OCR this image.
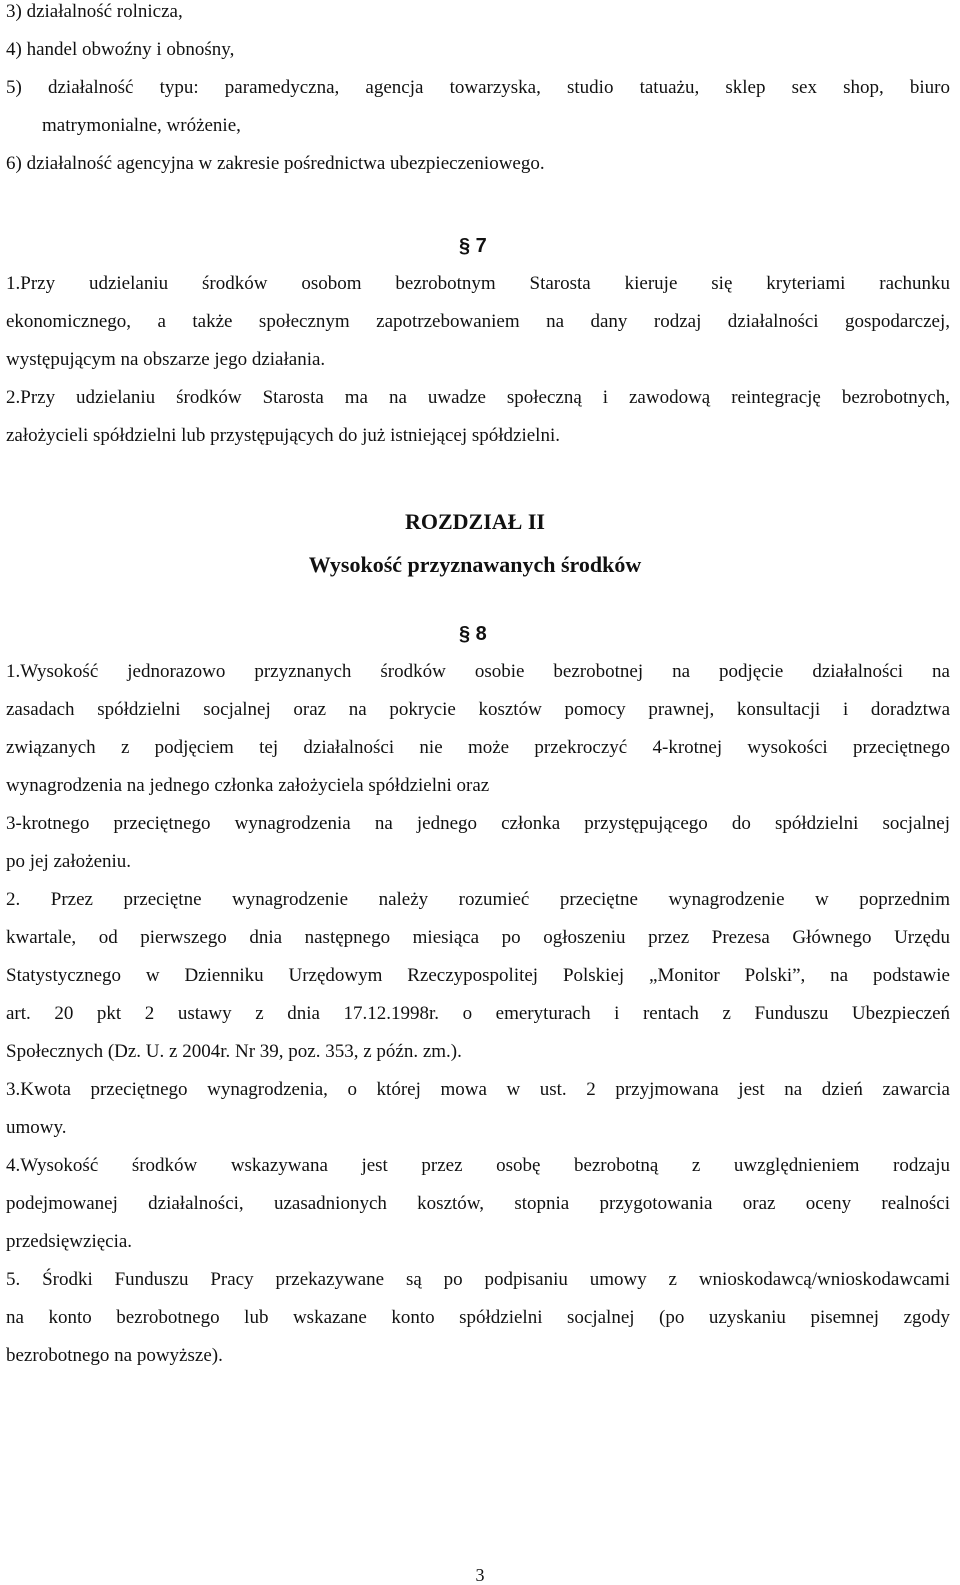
3) działalność rolnicza,
4) handel obwoźny i obnośny,
5) działalność typu: paramedyczna, agencja towarzyska, studio tatuażu, sklep sex shop, biuro
matrymonialne, wróżenie,
6) działalność agencyjna w zakresie pośrednictwa ubezpieczeniowego.
§ 7
1.Przy udzielaniu środków osobom bezrobotnym Starosta kieruje się kryteriami rachunku
ekonomicznego, a także społecznym zapotrzebowaniem na dany rodzaj działalności gospodarczej,
występującym na obszarze jego działania.
2.Przy udzielaniu środków Starosta ma na uwadze społeczną i zawodową reintegrację bezrobotnych,
założycieli spółdzielni lub przystępujących do już istniejącej spółdzielni.
ROZDZIAŁ II
Wysokość przyznawanych środków
§ 8
1.Wysokość jednorazowo przyznanych środków osobie bezrobotnej na podjęcie działalności na
zasadach spółdzielni socjalnej oraz na pokrycie kosztów pomocy prawnej, konsultacji i doradztwa
związanych z podjęciem tej działalności nie może przekroczyć 4-krotnej wysokości przeciętnego
wynagrodzenia na jednego członka założyciela spółdzielni oraz
3-krotnego przeciętnego wynagrodzenia na jednego członka przystępującego do spółdzielni socjalnej
po jej założeniu.
2. Przez przeciętne wynagrodzenie należy rozumieć przeciętne wynagrodzenie w poprzednim
kwartale, od pierwszego dnia następnego miesiąca po ogłoszeniu przez Prezesa Głównego Urzędu
Statystycznego w Dzienniku Urzędowym Rzeczypospolitej Polskiej „Monitor Polski”, na podstawie
art. 20 pkt 2 ustawy z dnia 17.12.1998r. o emeryturach i rentach z Funduszu Ubezpieczeń
Społecznych (Dz. U. z 2004r. Nr 39, poz. 353, z późn. zm.).
3.Kwota przeciętnego wynagrodzenia, o której mowa w ust. 2 przyjmowana jest na dzień zawarcia
umowy.
4.Wysokość środków wskazywana jest przez osobę bezrobotną z uwzględnieniem rodzaju
podejmowanej działalności, uzasadnionych kosztów, stopnia przygotowania oraz oceny realności
przedsięwzięcia.
5. Środki Funduszu Pracy przekazywane są po podpisaniu umowy z wnioskodawcą/wnioskodawcami
na konto bezrobotnego lub wskazane konto spółdzielni socjalnej (po uzyskaniu pisemnej zgody
bezrobotnego na powyższe).
3
